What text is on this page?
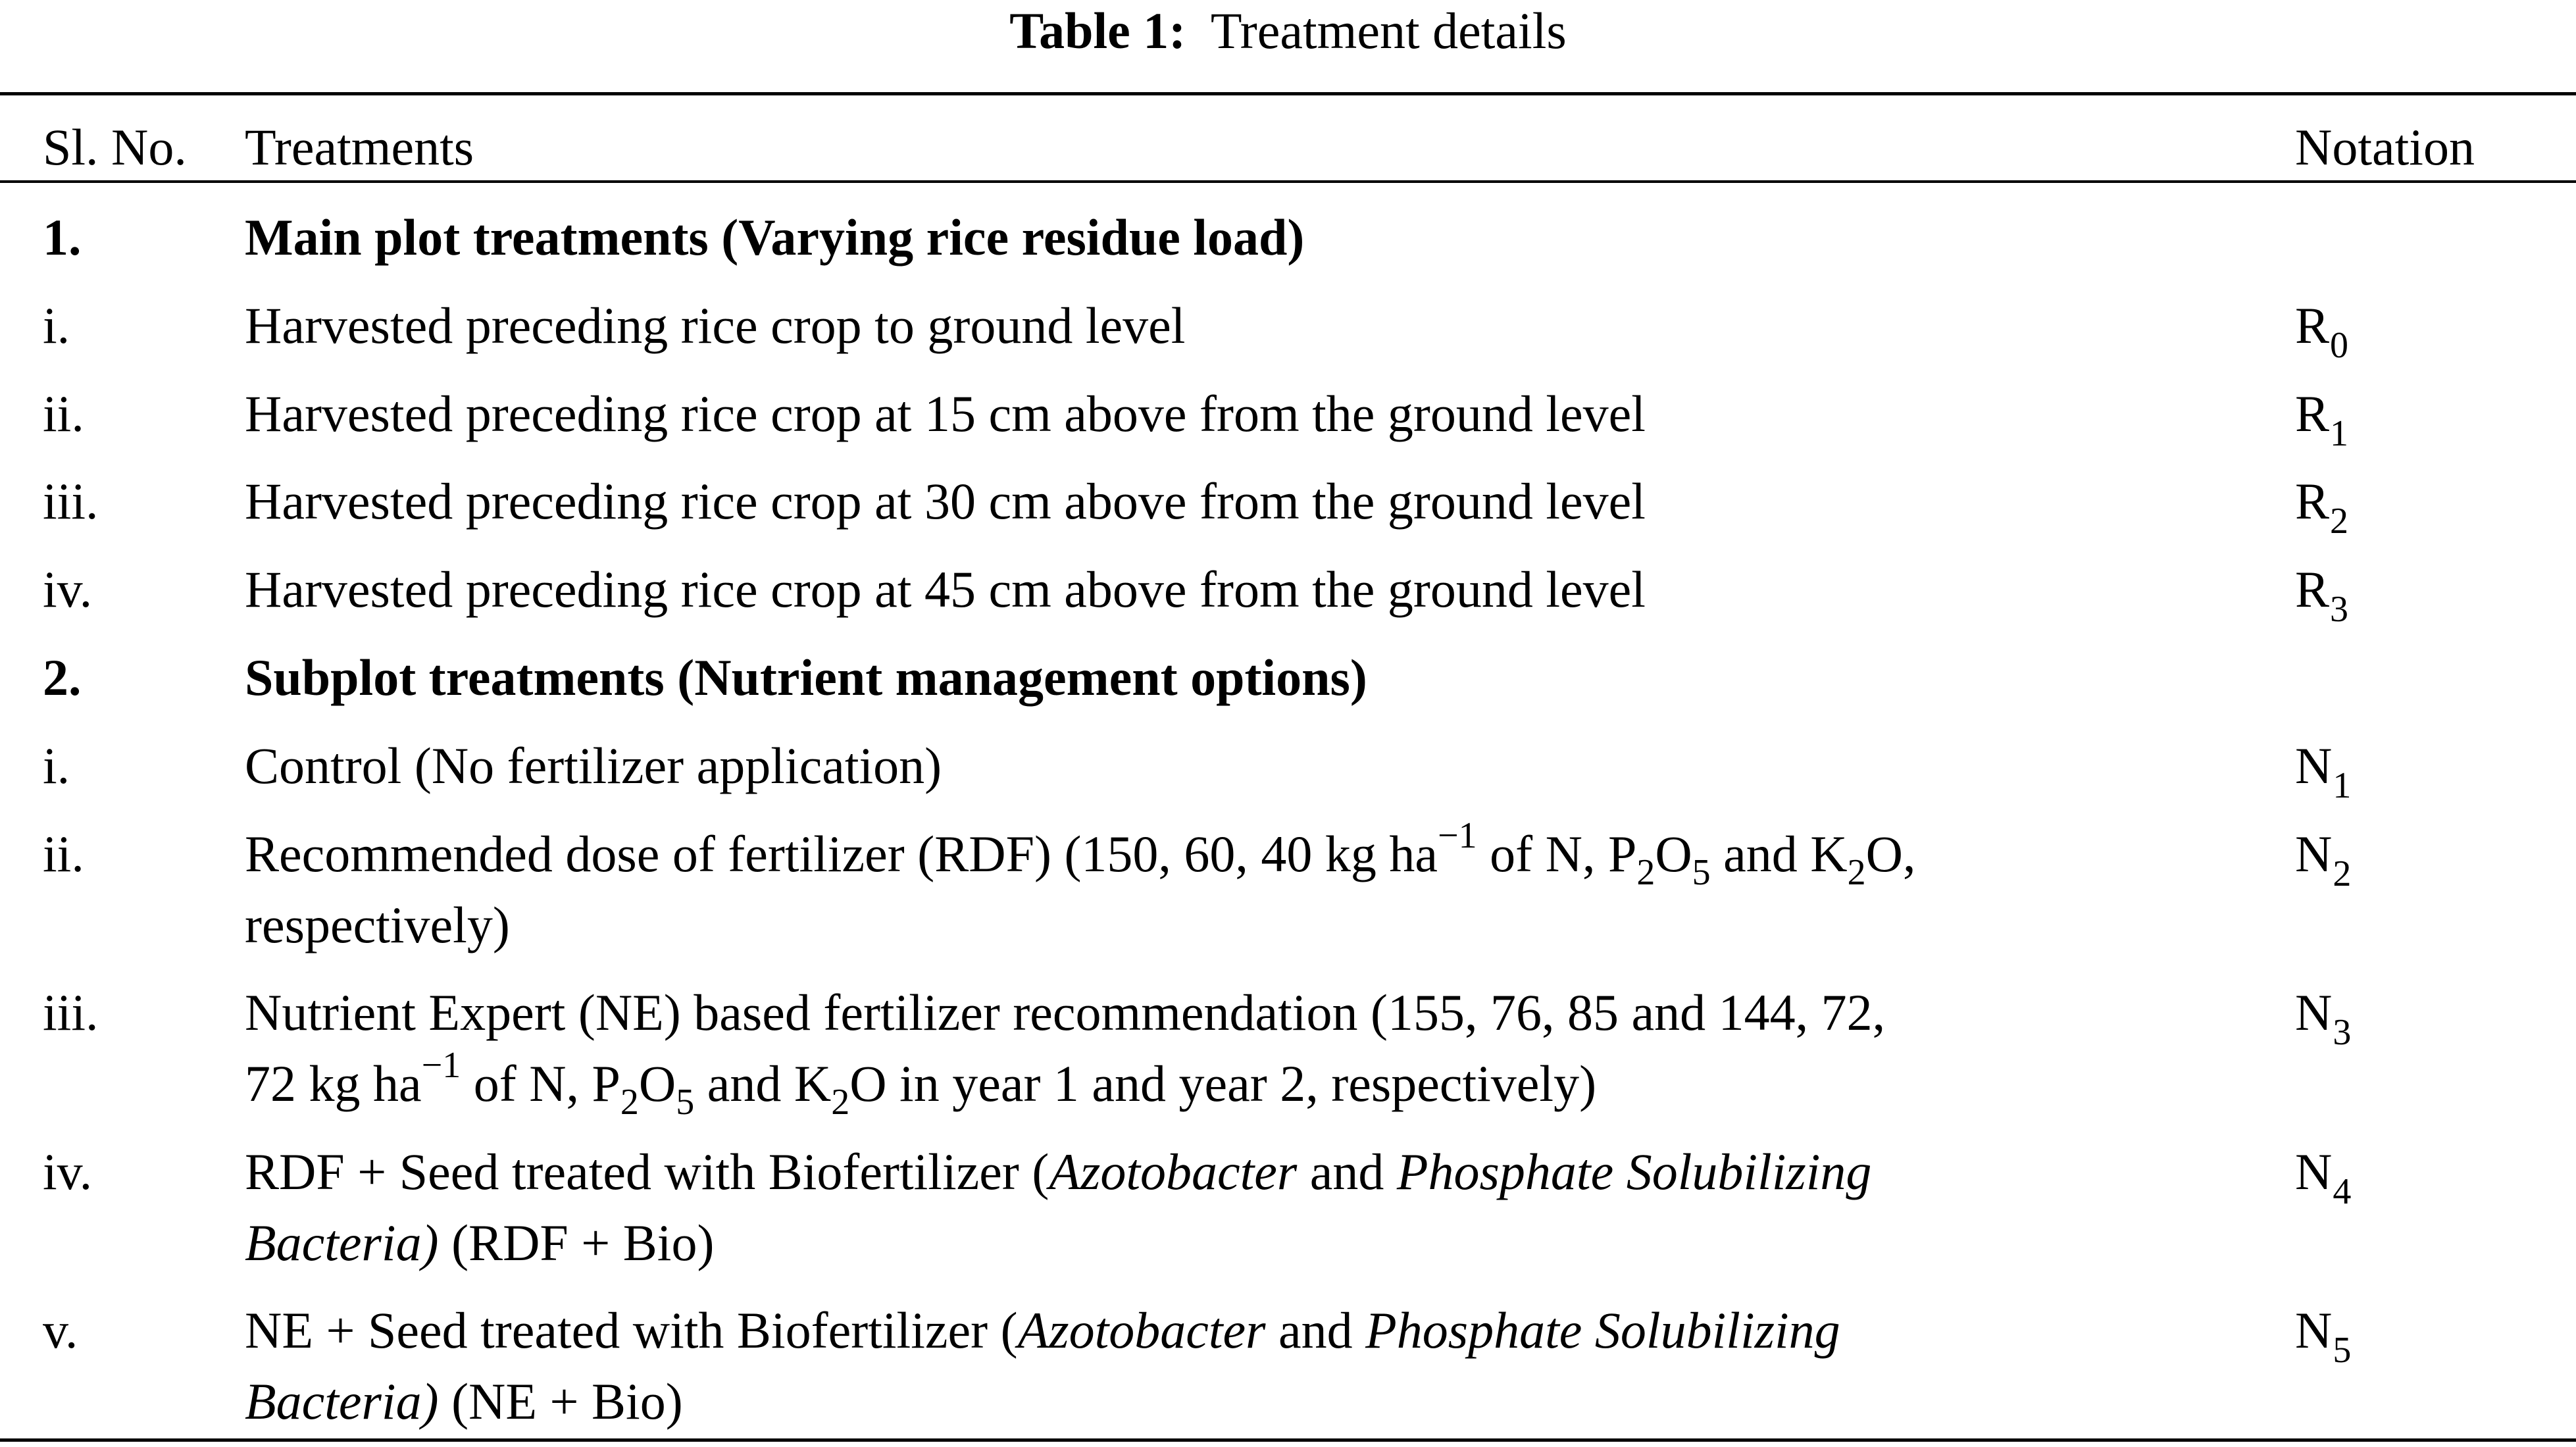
Table 1: Treatment details
Sl. No. Treatments	Notation
1.	Main plot treatments (Varying rice residue load)
i.	Harvested preceding rice crop to ground level	$R_0$
ii.	Harvested preceding rice crop at 15 cm above from the ground level	$R_1$
iii.	Harvested preceding rice crop at 30 cm above from the ground level	$R_2$
iv.	Harvested preceding rice crop at 45 cm above from the ground level	$R_3$
2.	Subplot treatments (Nutrient management options)
i.	Control (No fertilizer application)	$N_1$
ii.	Recommended dose of fertilizer (RDF) (150, 60, 40 kg $ha^{-1}$ of N, $P_2O_5$ and $K_2O$,	$N_2$
respectively)
iii.	Nutrient Expert (NE) based fertilizer recommendation (155, 76, 85 and 144, 72,	$N_3$
72 kg $ha^{-1}$ of N, $P_2O_5$ and $K_2O$ in year 1 and year 2, respectively)
iv.	RDF + Seed treated with Biofertilizer (Azotobacter and Phosphate Solubilizing	$N_4$
Bacteria) (RDF + Bio)
v.	NE + Seed treated with Biofertilizer (Azotobacter and Phosphate Solubilizing	$N_5$
Bacteria) (NE + Bio)
